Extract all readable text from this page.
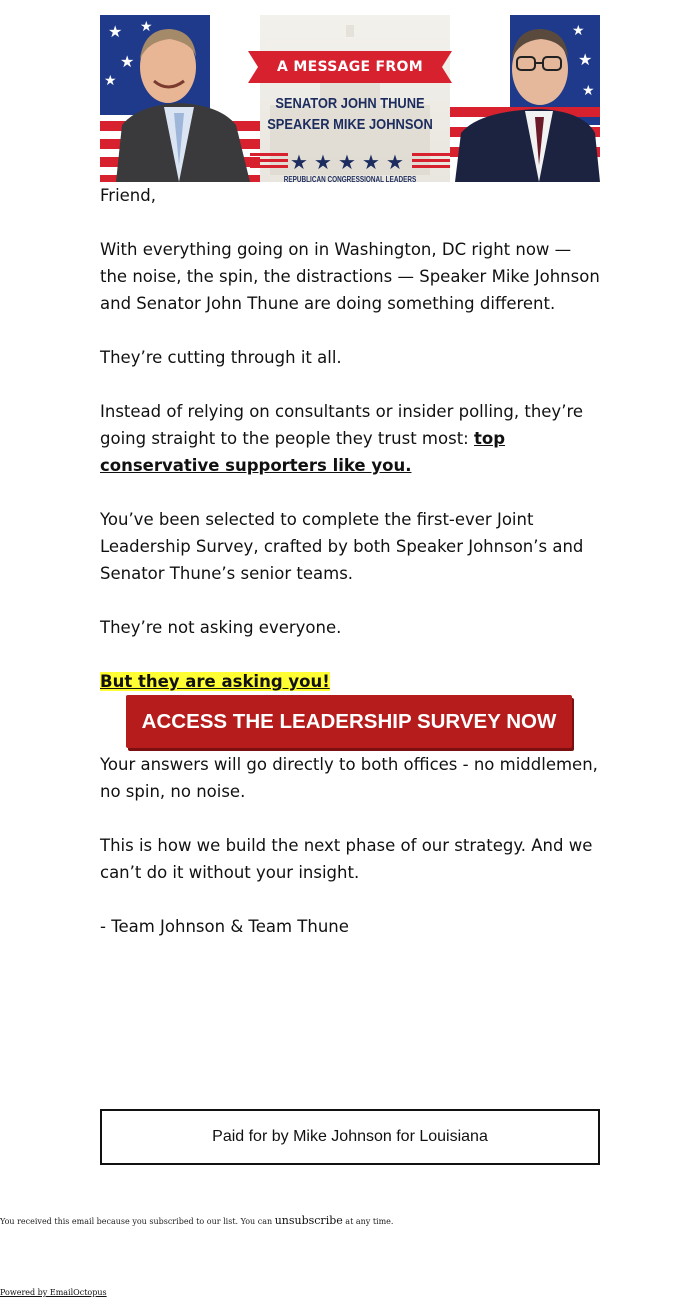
★ ★
★
★
★
★
★
A MESSAGE FROM
SENATOR JOHN THUNE
SPEAKER MIKE JOHNSON
★ ★ ★ ★ ★
REPUBLICAN CONGRESSIONAL LEADERS

Friend,

With everything going on in Washington, DC right now — the noise, the spin, the distractions — Speaker Mike Johnson and Senator John Thune are doing something different.

They’re cutting through it all.

Instead of relying on consultants or insider polling, they’re going straight to the people they trust most: top conservative supporters like you.

You’ve been selected to complete the first-ever Joint Leadership Survey, crafted by both Speaker Johnson’s and Senator Thune’s senior teams.

They’re not asking everyone.

But they are asking you!

ACCESS THE LEADERSHIP SURVEY NOW

Your answers will go directly to both offices - no middlemen, no spin, no noise.

This is how we build the next phase of our strategy. And we can’t do it without your insight.

- Team Johnson & Team Thune

Paid for by Mike Johnson for Louisiana
You received this email because you subscribed to our list. You can unsubscribe at any time.
Powered by EmailOctopus
